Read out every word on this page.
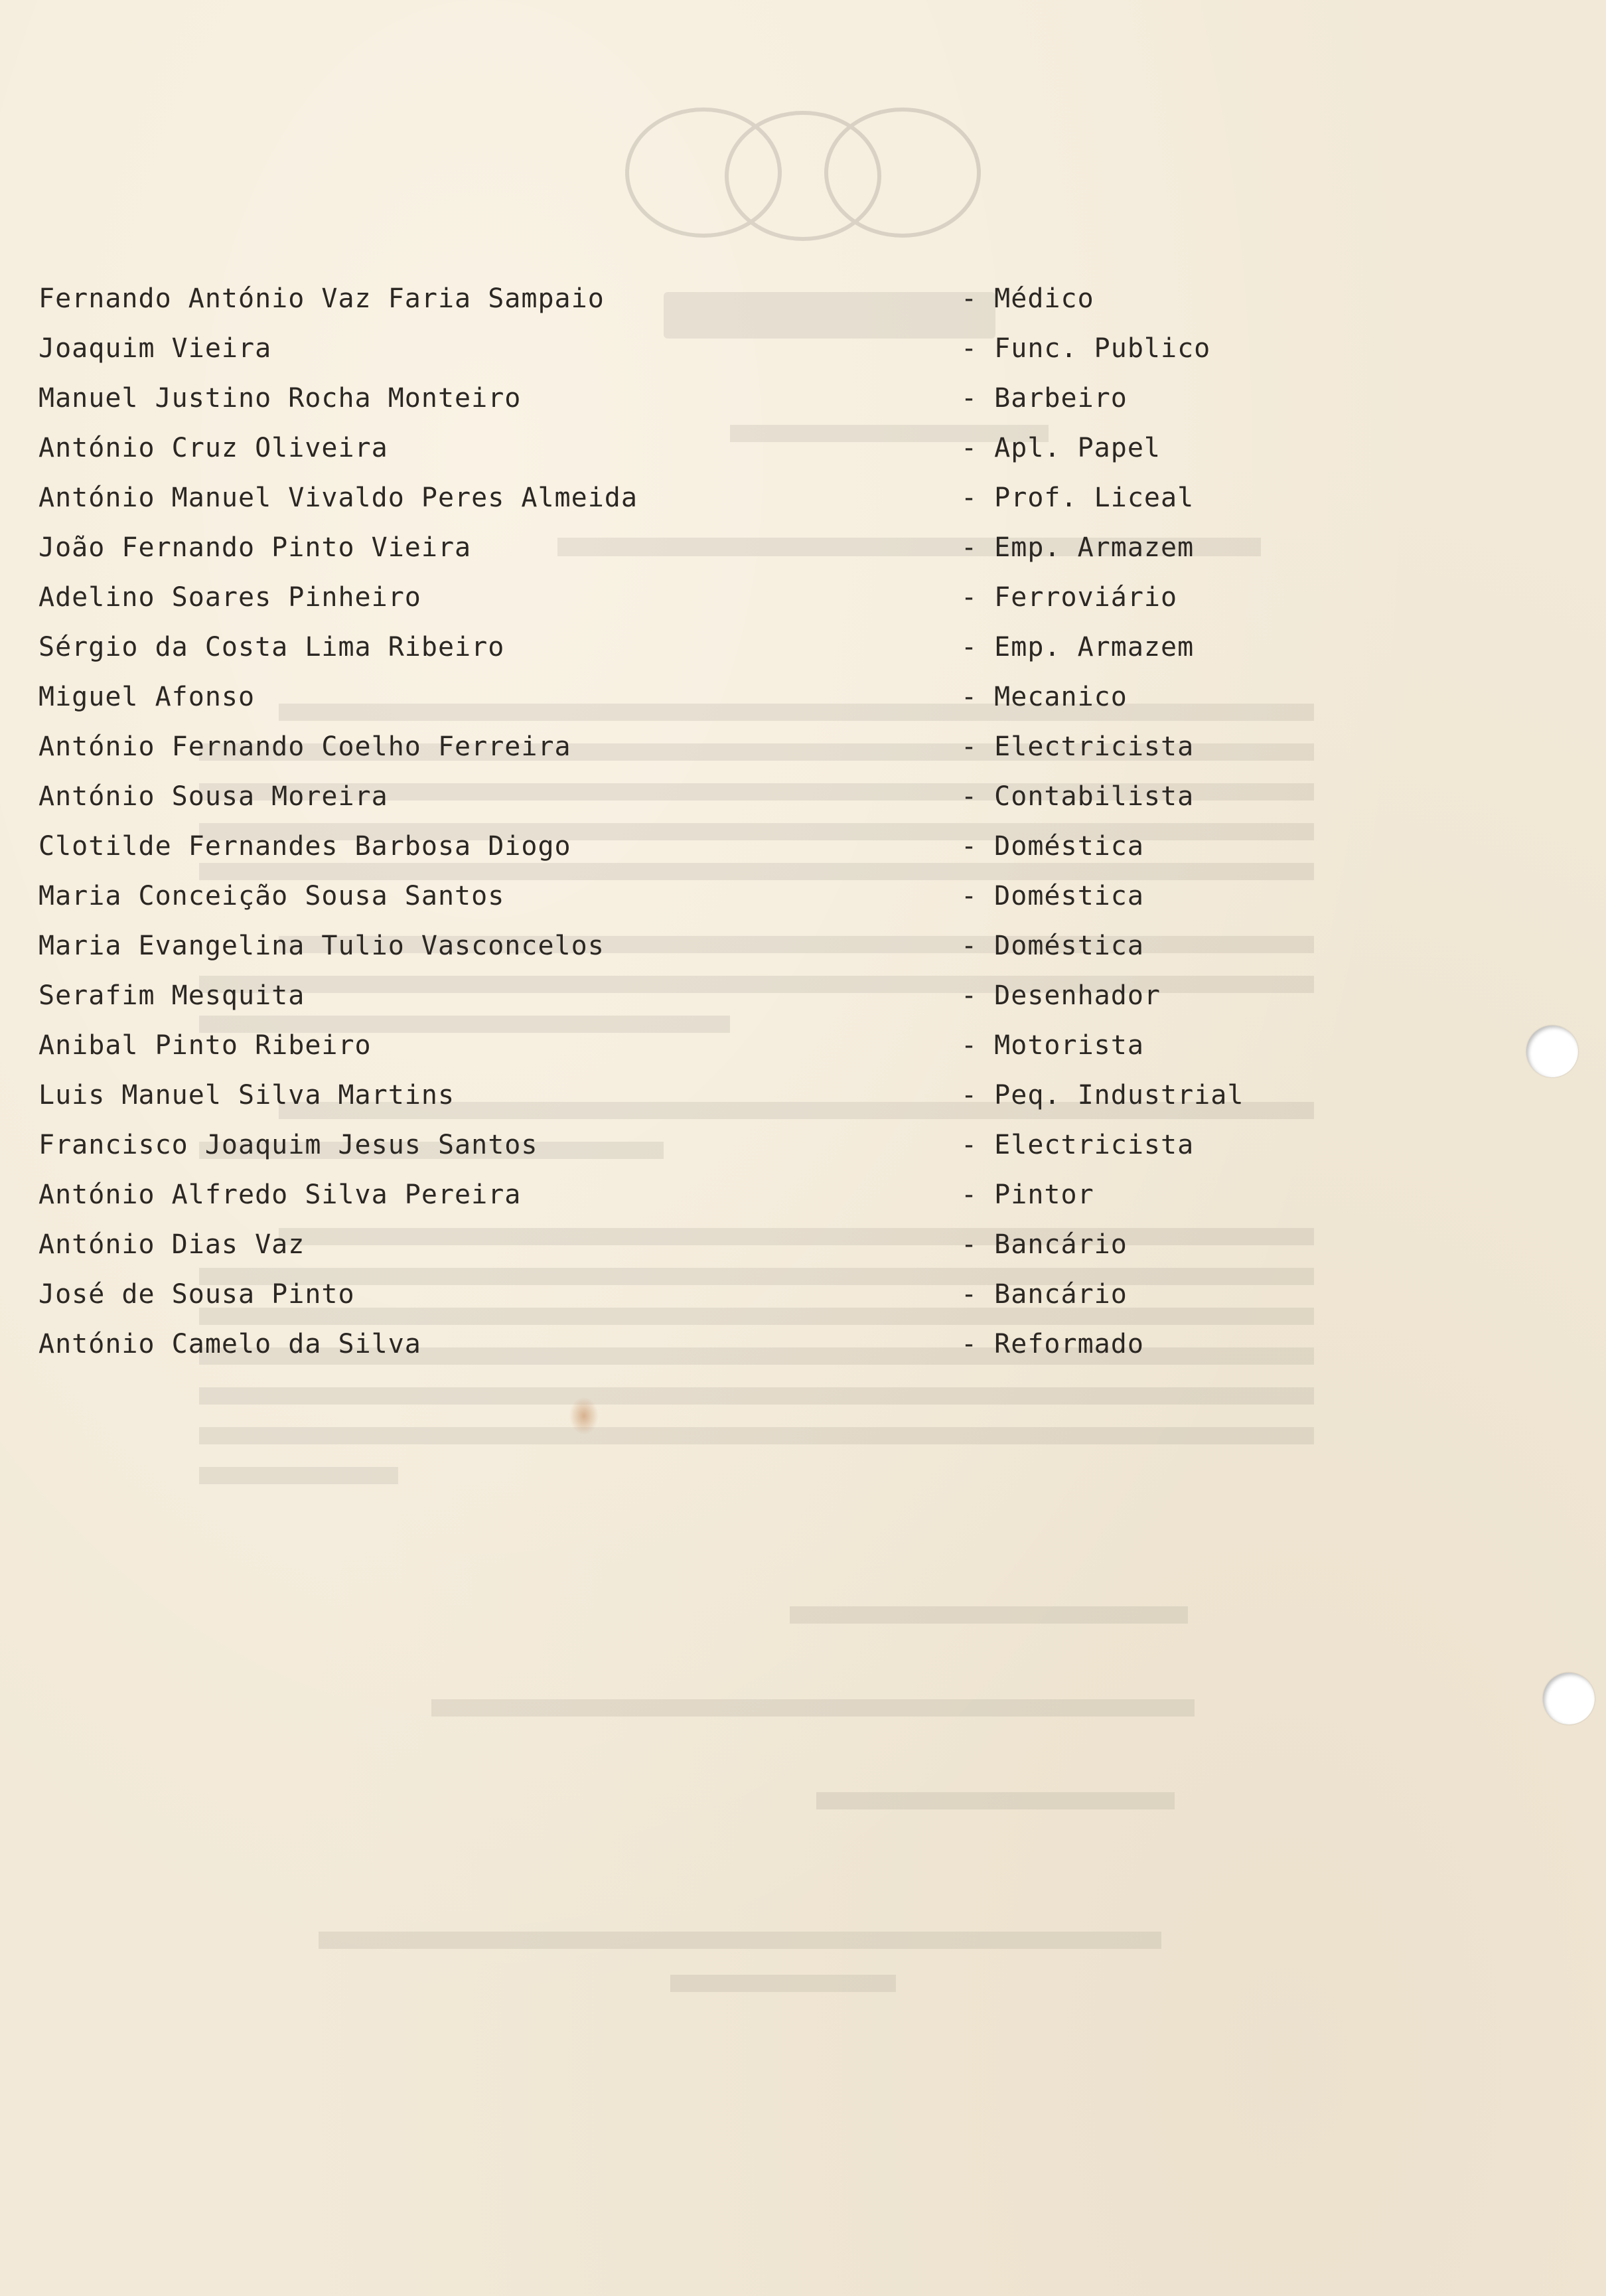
Fernando António Vaz Faria Sampaio	- Médico
Joaquim Vieira	- Func. Publico
Manuel Justino Rocha Monteiro	- Barbeiro
António Cruz Oliveira	- Apl. Papel
António Manuel Vivaldo Peres Almeida	- Prof. Liceal
João Fernando Pinto Vieira	- Emp. Armazem
Adelino Soares Pinheiro	- Ferroviário
Sérgio da Costa Lima Ribeiro	- Emp. Armazem
Miguel Afonso	- Mecanico
António Fernando Coelho Ferreira	- Electricista
António Sousa Moreira	- Contabilista
Clotilde Fernandes Barbosa Diogo	- Doméstica
Maria Conceição Sousa Santos	- Doméstica
Maria Evangelina Tulio Vasconcelos	- Doméstica
Serafim Mesquita	- Desenhador
Anibal Pinto Ribeiro	- Motorista
Luis Manuel Silva Martins	- Peq. Industrial
Francisco Joaquim Jesus Santos	- Electricista
António Alfredo Silva Pereira	- Pintor
António Dias Vaz	- Bancário
José de Sousa Pinto	- Bancário
António Camelo da Silva	- Reformado
